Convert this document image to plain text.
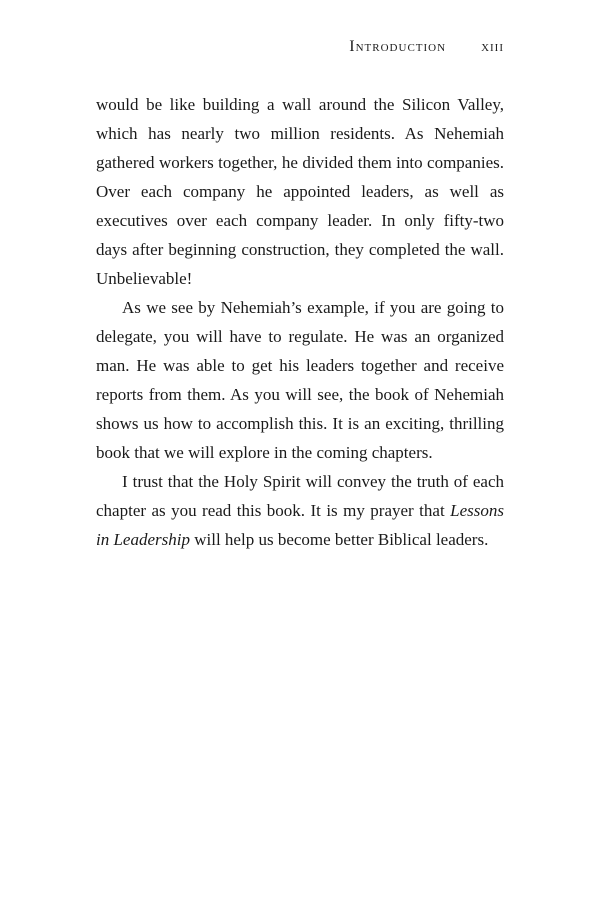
Introduction xiii

would be like building a wall around the Silicon Valley, which has nearly two million residents. As Nehemiah gathered workers together, he divided them into companies. Over each company he appointed leaders, as well as executives over each company leader. In only fifty-two days after beginning construction, they completed the wall. Unbelievable!

As we see by Nehemiah’s example, if you are going to delegate, you will have to regulate. He was an organized man. He was able to get his leaders together and receive reports from them. As you will see, the book of Nehemiah shows us how to accomplish this. It is an exciting, thrilling book that we will explore in the coming chapters.

I trust that the Holy Spirit will convey the truth of each chapter as you read this book. It is my prayer that Lessons in Leadership will help us become better Biblical leaders.
